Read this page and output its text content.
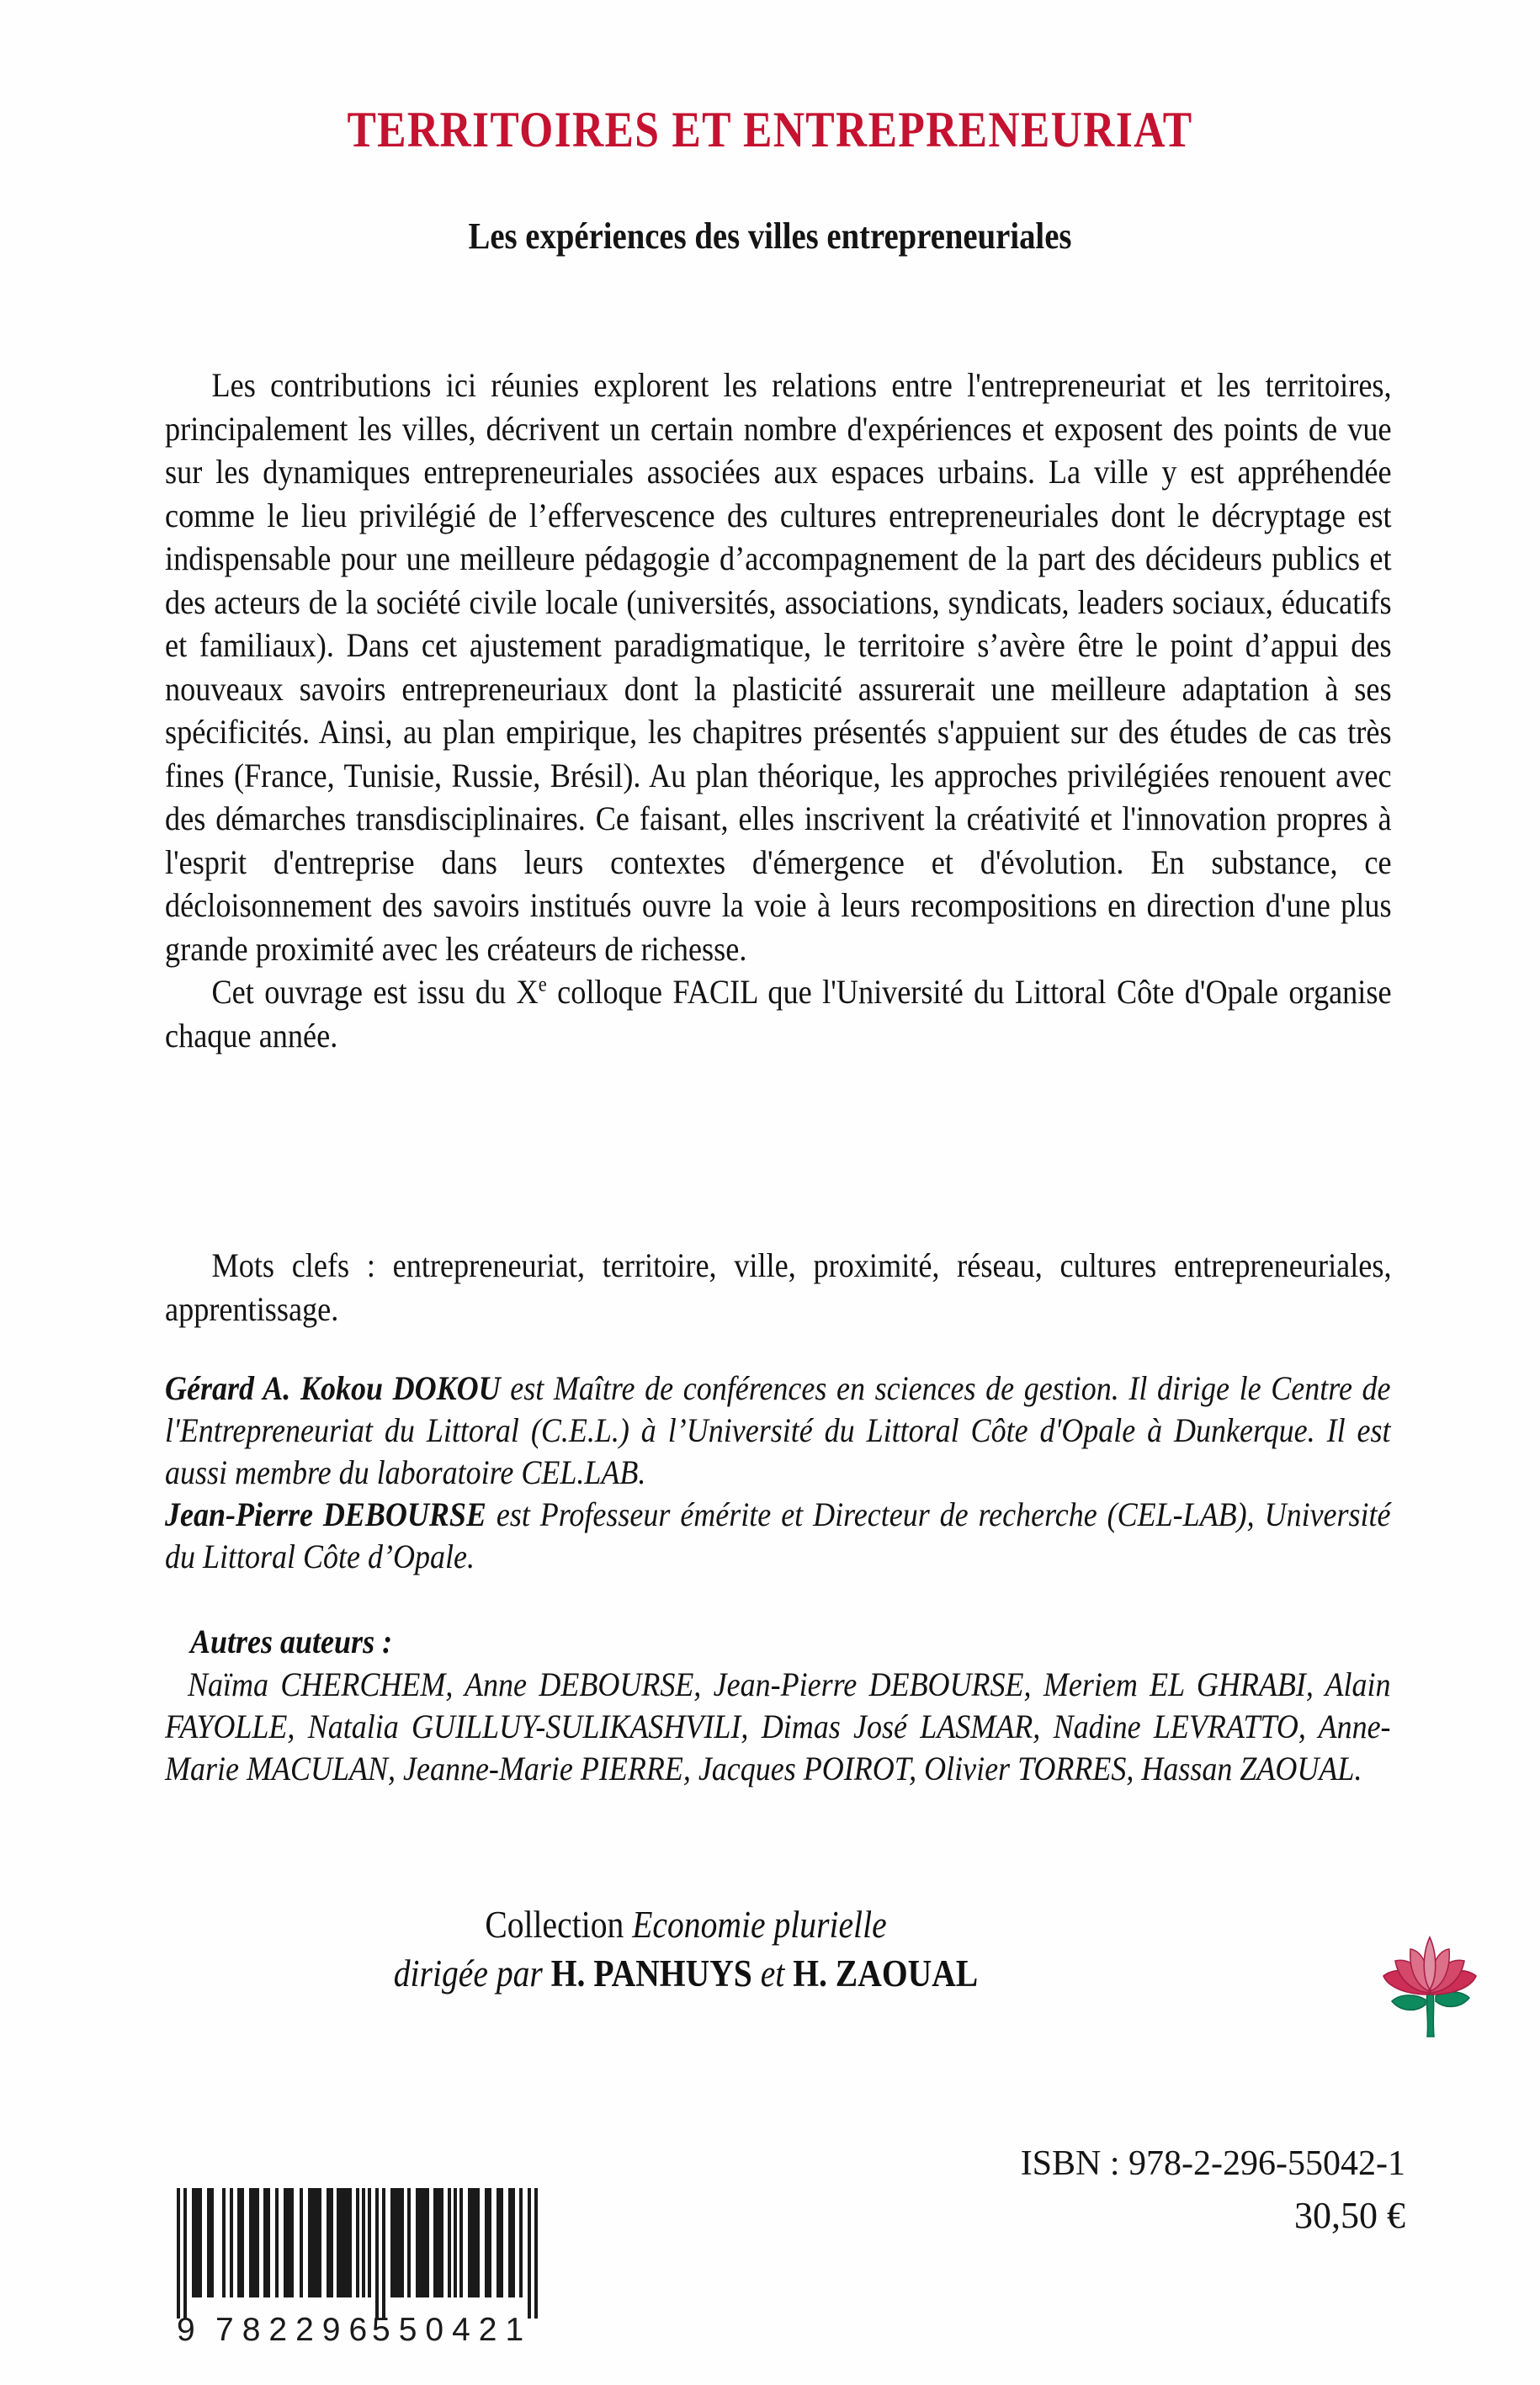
TERRITOIRES ET ENTREPRENEURIAT
Les expériences des villes entrepreneuriales

Les contributions ici réunies explorent les relations entre l'entrepreneuriat et les territoires, principalement les villes, décrivent un certain nombre d'expériences et exposent des points de vue sur les dynamiques entrepreneuriales associées aux espaces urbains. La ville y est appréhendée comme le lieu privilégié de l’effervescence des cultures entrepreneuriales dont le décryptage est indispensable pour une meilleure pédagogie d’accompagnement de la part des décideurs publics et des acteurs de la société civile locale (universités, associations, syndicats, leaders sociaux, éducatifs et familiaux). Dans cet ajustement paradigmatique, le territoire s’avère être le point d’appui des nouveaux savoirs entrepreneuriaux dont la plasticité assurerait une meilleure adaptation à ses spécificités. Ainsi, au plan empirique, les chapitres présentés s'appuient sur des études de cas très fines (France, Tunisie, Russie, Brésil). Au plan théorique, les approches privilégiées renouent avec des démarches transdisciplinaires. Ce faisant, elles inscrivent la créativité et l'innovation propres à l'esprit d'entreprise dans leurs contextes d'émergence et d'évolution. En substance, ce décloisonnement des savoirs institués ouvre la voie à leurs recompositions en direction d'une plus grande proximité avec les créateurs de richesse.

Cet ouvrage est issu du Xe colloque FACIL que l'Université du Littoral Côte d'Opale organise chaque année.

Mots clefs : entrepreneuriat, territoire, ville, proximité, réseau, cultures entrepreneuriales, apprentissage.

Gérard A. Kokou DOKOU est Maître de conférences en sciences de gestion. Il dirige le Centre de l'Entrepreneuriat du Littoral (C.E.L.) à l’Université du Littoral Côte d'Opale à Dunkerque. Il est aussi membre du laboratoire CEL.LAB.

Jean-Pierre DEBOURSE est Professeur émérite et Directeur de recherche (CEL-LAB), Université du Littoral Côte d’Opale.

Autres auteurs :

Naïma CHERCHEM, Anne DEBOURSE, Jean-Pierre DEBOURSE, Meriem EL GHRABI, Alain FAYOLLE, Natalia GUILLUY-SULIKASHVILI, Dimas José LASMAR, Nadine LEVRATTO, Anne-Marie MACULAN, Jeanne-Marie PIERRE, Jacques POIROT, Olivier TORRES, Hassan ZAOUAL.

Collection Economie plurielle
dirigée par H. PANHUYS et H. ZAOUAL
9 782296
550421
ISBN : 978-2-296-55042-1
30,50 €
